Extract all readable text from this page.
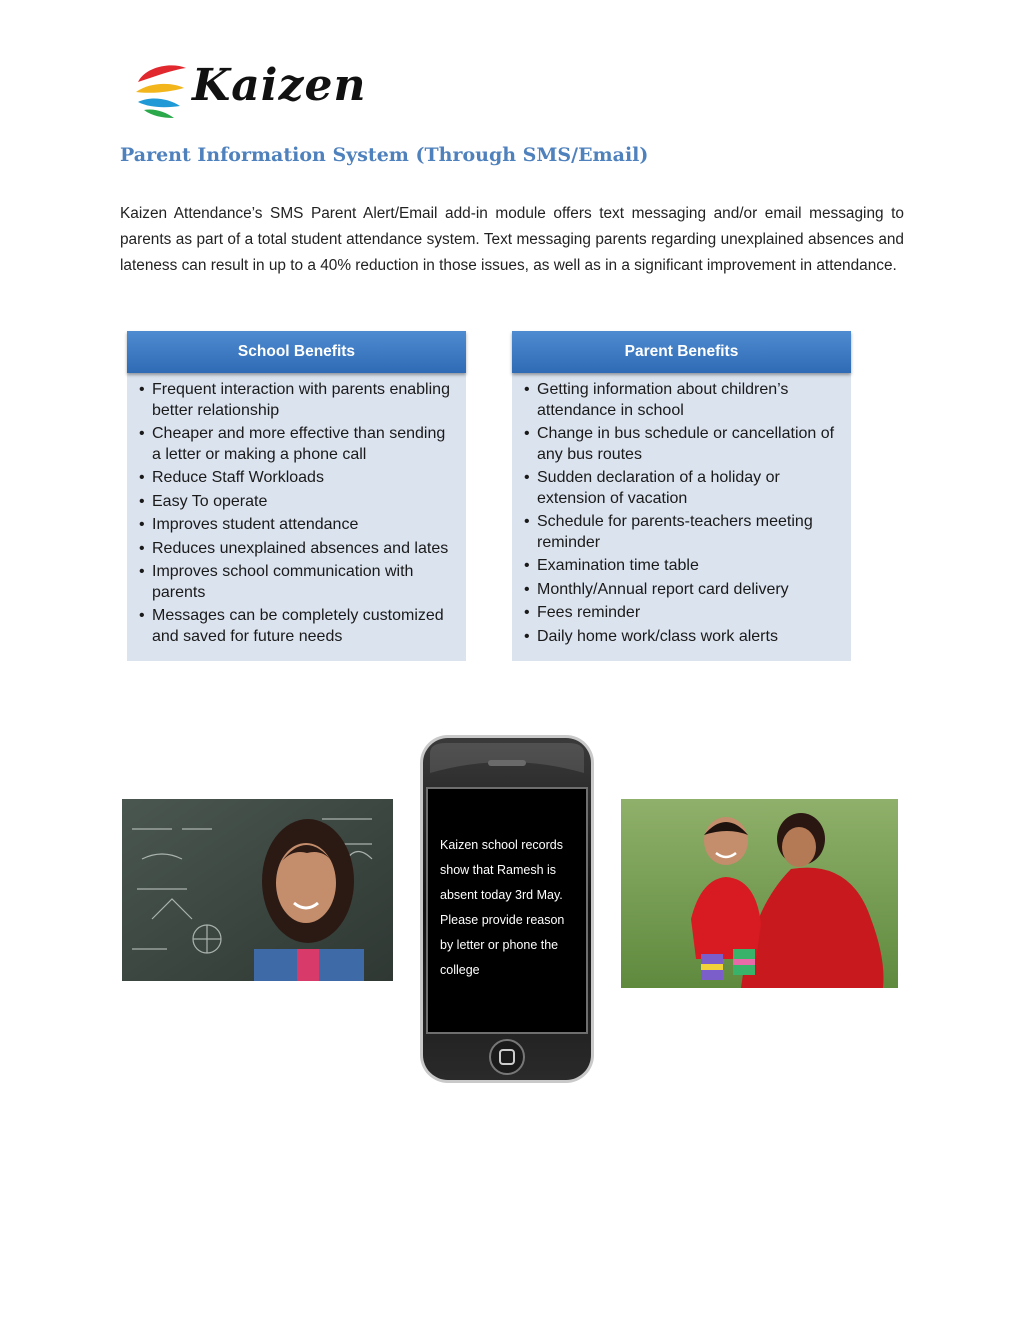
Kaizen
Parent Information System (Through SMS/Email)

Kaizen Attendance’s SMS Parent Alert/Email add-in module offers text messaging and/or email messaging to parents as part of a total student attendance system. Text messaging parents regarding unexplained absences and lateness can result in up to a 40% reduction in those issues, as well as in a significant improvement in attendance.

School Benefits
• Frequent interaction with parents enabling better relationship
• Cheaper and more effective than sending a letter or making a phone call
• Reduce Staff Workloads
• Easy To operate
• Improves student attendance
• Reduces unexplained absences and lates
• Improves school communication with parents
• Messages can be completely customized and saved for future needs
Parent Benefits
• Getting information about children’s attendance in school
• Change in bus schedule or cancellation of any bus routes
• Sudden declaration of a holiday or extension of vacation
• Schedule for parents-teachers meeting reminder
• Examination time table
• Monthly/Annual report card delivery
• Fees reminder
• Daily home work/class work alerts
Kaizen school records
show that Ramesh is
absent today 3rd May.
Please provide reason
by letter or phone the
college
